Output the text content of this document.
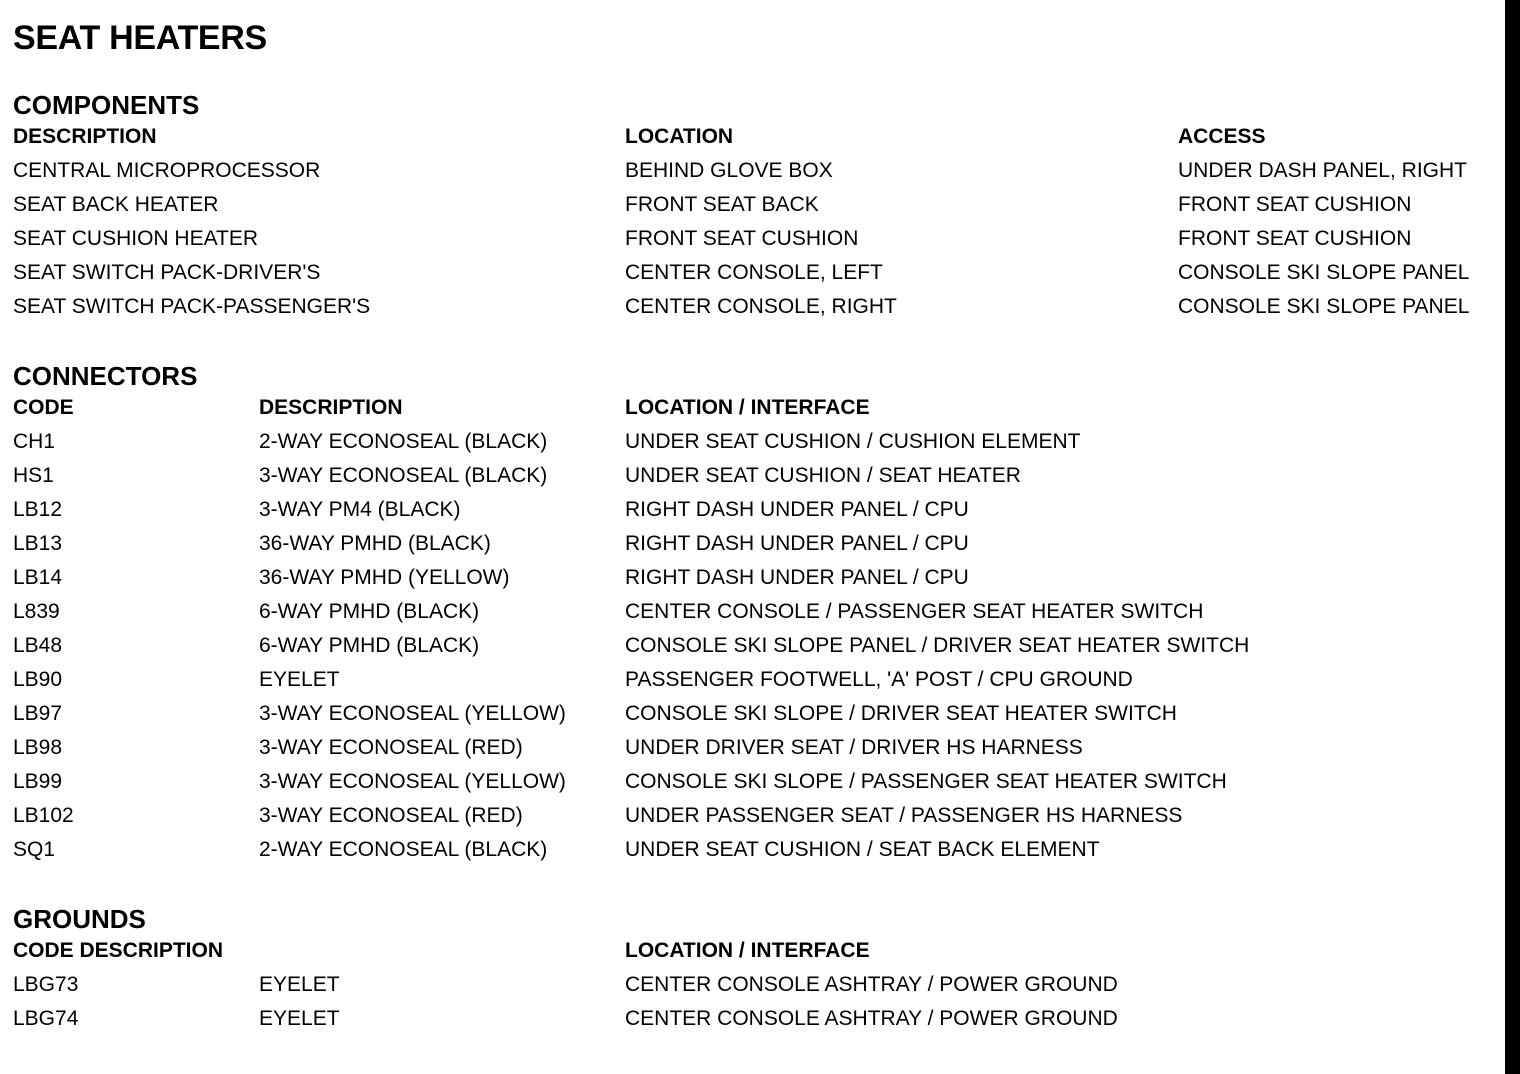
SEAT HEATERS
COMPONENTS
DESCRIPTION	LOCATION	ACCESS
CENTRAL MICROPROCESSOR	BEHIND GLOVE BOX	UNDER DASH PANEL, RIGHT
SEAT BACK HEATER	FRONT SEAT BACK	FRONT SEAT CUSHION
SEAT CUSHION HEATER	FRONT SEAT CUSHION	FRONT SEAT CUSHION
SEAT SWITCH PACK-DRIVER'S	CENTER CONSOLE, LEFT	CONSOLE SKI SLOPE PANEL
SEAT SWITCH PACK-PASSENGER'S	CENTER CONSOLE, RIGHT	CONSOLE SKI SLOPE PANEL
CONNECTORS
CODE	DESCRIPTION	LOCATION / INTERFACE
CH1	2-WAY ECONOSEAL (BLACK)	UNDER SEAT CUSHION / CUSHION ELEMENT
HS1	3-WAY ECONOSEAL (BLACK)	UNDER SEAT CUSHION / SEAT HEATER
LB12	3-WAY PM4 (BLACK)	RIGHT DASH UNDER PANEL / CPU
LB13	36-WAY PMHD (BLACK)	RIGHT DASH UNDER PANEL / CPU
LB14	36-WAY PMHD (YELLOW)	RIGHT DASH UNDER PANEL / CPU
L839	6-WAY PMHD (BLACK)	CENTER CONSOLE / PASSENGER SEAT HEATER SWITCH
LB48	6-WAY PMHD (BLACK)	CONSOLE SKI SLOPE PANEL / DRIVER SEAT HEATER SWITCH
LB90	EYELET	PASSENGER FOOTWELL, 'A' POST / CPU GROUND
LB97	3-WAY ECONOSEAL (YELLOW)	CONSOLE SKI SLOPE / DRIVER SEAT HEATER SWITCH
LB98	3-WAY ECONOSEAL (RED)	UNDER DRIVER SEAT / DRIVER HS HARNESS
LB99	3-WAY ECONOSEAL (YELLOW)	CONSOLE SKI SLOPE / PASSENGER SEAT HEATER SWITCH
LB102	3-WAY ECONOSEAL (RED)	UNDER PASSENGER SEAT / PASSENGER HS HARNESS
SQ1	2-WAY ECONOSEAL (BLACK)	UNDER SEAT CUSHION / SEAT BACK ELEMENT
GROUNDS
CODE DESCRIPTION	LOCATION / INTERFACE
LBG73	EYELET	CENTER CONSOLE ASHTRAY / POWER GROUND
LBG74	EYELET	CENTER CONSOLE ASHTRAY / POWER GROUND
